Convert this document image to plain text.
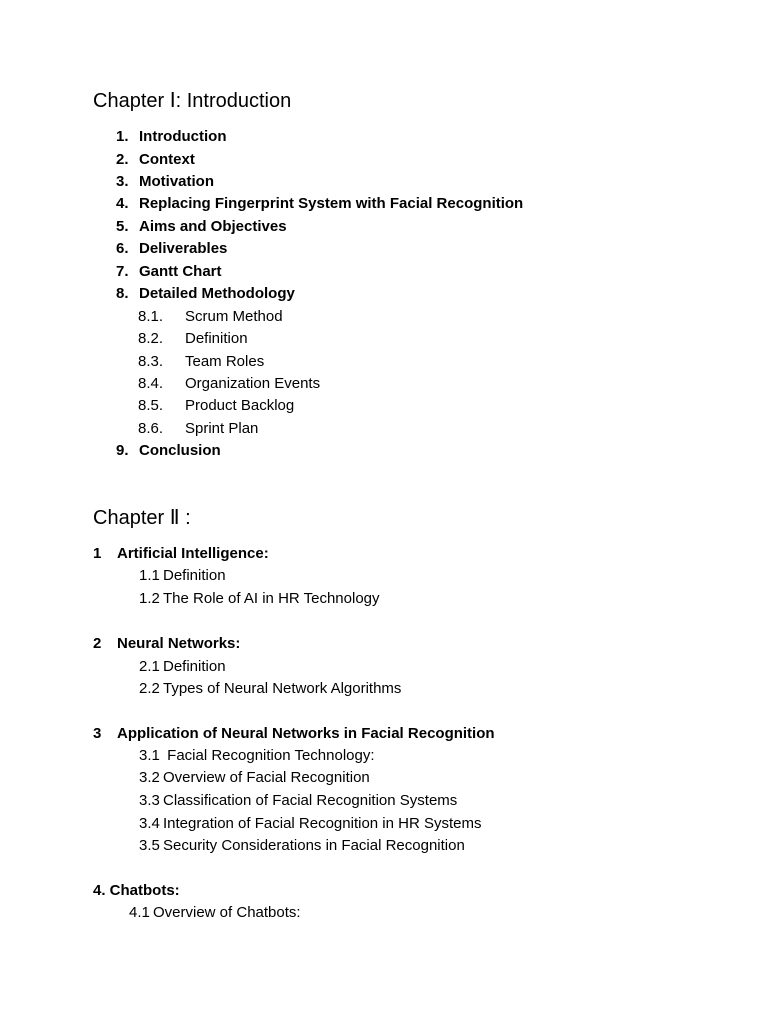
Chapter Ⅰ: Introduction
1. Introduction
2. Context
3. Motivation
4. Replacing Fingerprint System with Facial Recognition
5. Aims and Objectives
6. Deliverables
7. Gantt Chart
8. Detailed Methodology
8.1. Scrum Method
8.2. Definition
8.3. Team Roles
8.4. Organization Events
8.5. Product Backlog
8.6. Sprint Plan
9. Conclusion
Chapter Ⅱ :
1 Artificial Intelligence:
1.1 Definition
1.2 The Role of AI in HR Technology
2 Neural Networks:
2.1 Definition
2.2 Types of Neural Network Algorithms
3 Application of Neural Networks in Facial Recognition
3.1 Facial Recognition Technology:
3.2 Overview of Facial Recognition
3.3 Classification of Facial Recognition Systems
3.4 Integration of Facial Recognition in HR Systems
3.5 Security Considerations in Facial Recognition
4. Chatbots:
4.1 Overview of Chatbots:
